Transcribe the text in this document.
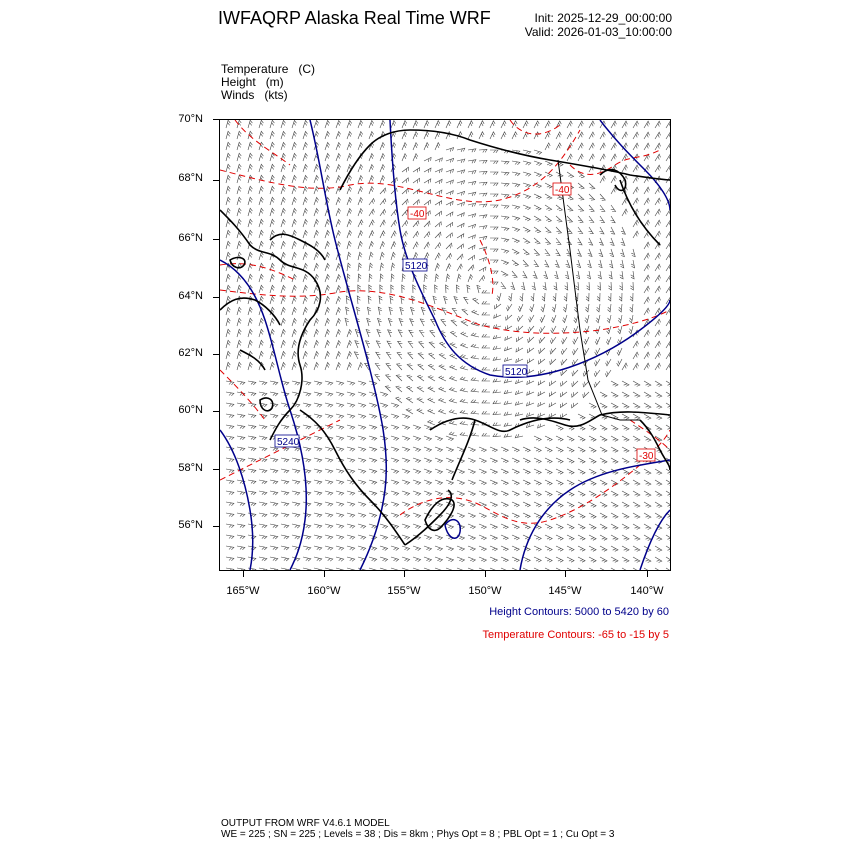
IWFAQRP Alaska Real Time WRF	Init: 2025-12-29_00:00:00
Valid: 2026-01-03_10:00:00
Temperature   (C)
Height   (m)
Winds   (kts)
70°N
68°N
66°N
64°N
62°N
60°N
58°N
56°N
165°W	160°W	155°W	150°W	145°W	140°W
5120
5120
5240
-40
-40
-30
Height Contours: 5000 to 5420 by 60
Temperature Contours: -65 to -15 by 5
OUTPUT FROM WRF V4.6.1 MODEL
WE = 225 ; SN = 225 ; Levels = 38 ; Dis = 8km ; Phys Opt = 8 ; PBL Opt = 1 ; Cu Opt = 3
